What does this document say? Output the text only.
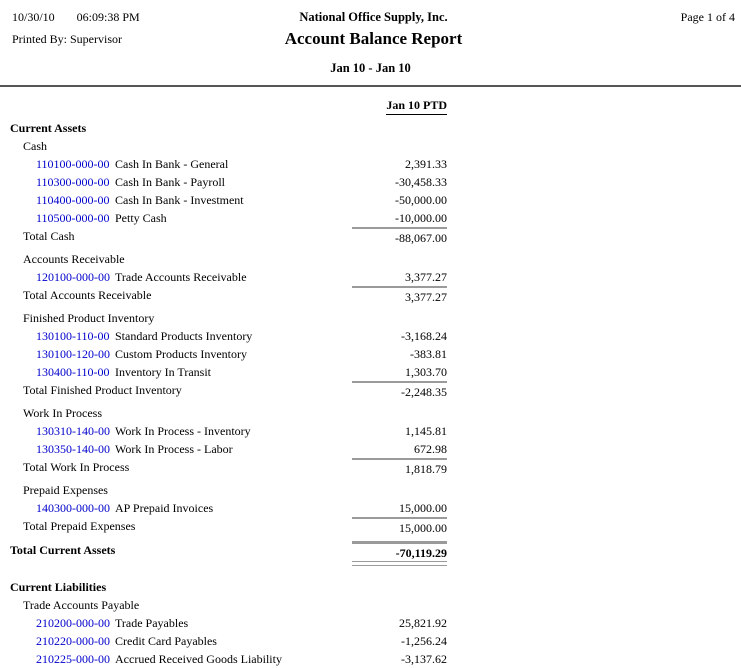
10/30/10 06:09:38 PM	National Office Supply, Inc.	Page 1 of 4
Printed By: Supervisor	Account Balance Report
Jan 10 - Jan 10
Jan 10 PTD
Current Assets
Cash
110100-000-00 Cash In Bank - General	2,391.33
110300-000-00 Cash In Bank - Payroll	-30,458.33
110400-000-00 Cash In Bank - Investment	-50,000.00
110500-000-00 Petty Cash	-10,000.00
Total Cash	-88,067.00
Accounts Receivable
120100-000-00 Trade Accounts Receivable	3,377.27
Total Accounts Receivable	3,377.27
Finished Product Inventory
130100-110-00 Standard Products Inventory	-3,168.24
130100-120-00 Custom Products Inventory	-383.81
130400-110-00 Inventory In Transit	1,303.70
Total Finished Product Inventory	-2,248.35
Work In Process
130310-140-00 Work In Process - Inventory	1,145.81
130350-140-00 Work In Process - Labor	672.98
Total Work In Process	1,818.79
Prepaid Expenses
140300-000-00 AP Prepaid Invoices	15,000.00
Total Prepaid Expenses	15,000.00
Total Current Assets	-70,119.29
Current Liabilities
Trade Accounts Payable
210200-000-00 Trade Payables	25,821.92
210220-000-00 Credit Card Payables	-1,256.24
210225-000-00 Accrued Received Goods Liability	-3,137.62
